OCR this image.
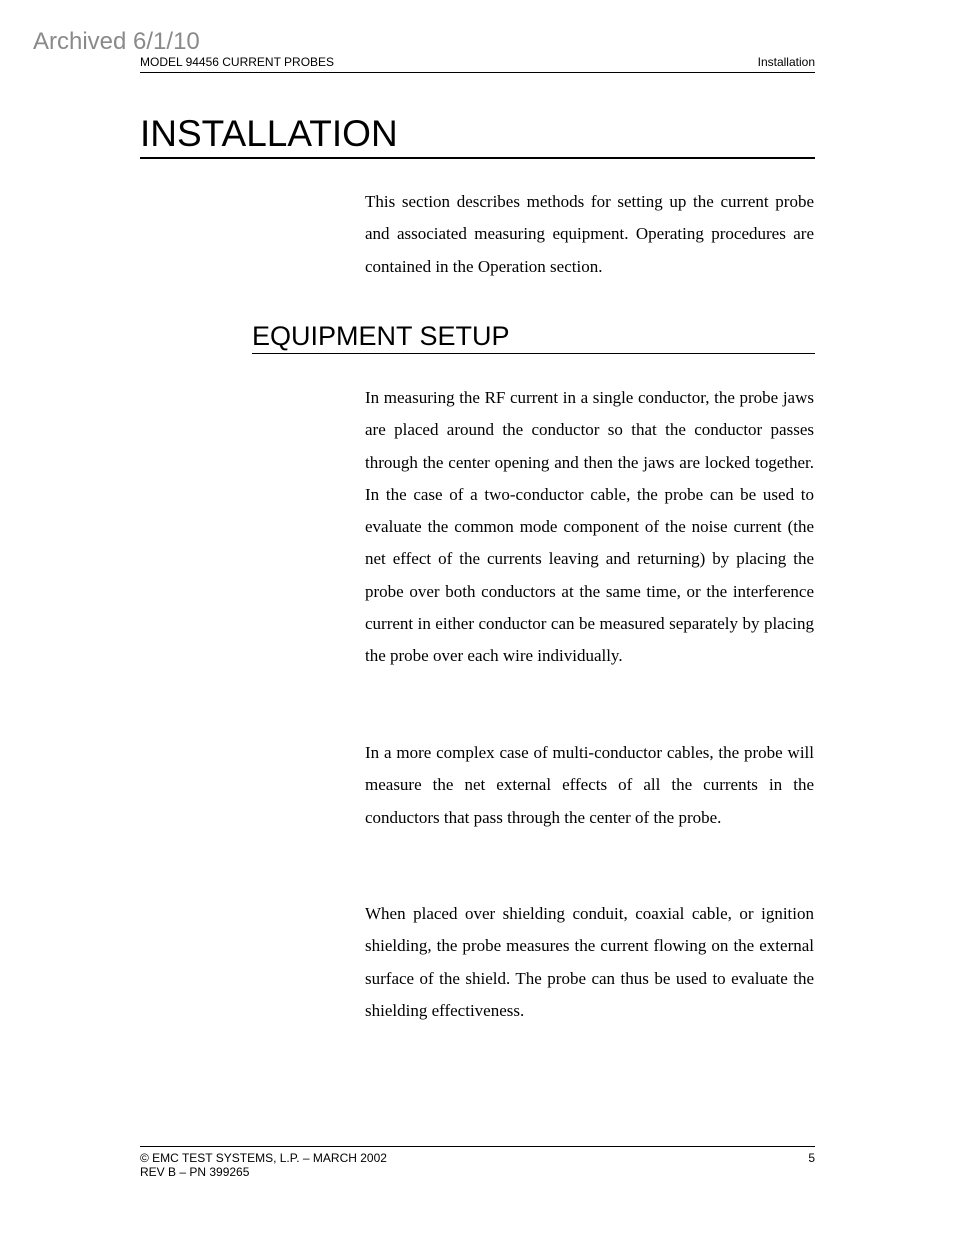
Archived 6/1/10
MODEL 94456 CURRENT PROBES	Installation
INSTALLATION

This section describes methods for setting up the current probe and associated measuring equipment. Operating procedures are contained in the Operation section.

EQUIPMENT SETUP

In measuring the RF current in a single conductor, the probe jaws are placed around the conductor so that the conductor passes through the center opening and then the jaws are locked together. In the case of a two-conductor cable, the probe can be used to evaluate the common mode component of the noise current (the net effect of the currents leaving and returning) by placing the probe over both conductors at the same time, or the interference current in either conductor can be measured separately by placing the probe over each wire individually.

In a more complex case of multi-conductor cables, the probe will measure the net external effects of all the currents in the conductors that pass through the center of the probe.

When placed over shielding conduit, coaxial cable, or ignition shielding, the probe measures the current flowing on the external surface of the shield. The probe can thus be used to evaluate the shielding effectiveness.

© EMC TEST SYSTEMS, L.P. – MARCH 2002
REV B – PN 399265
5
